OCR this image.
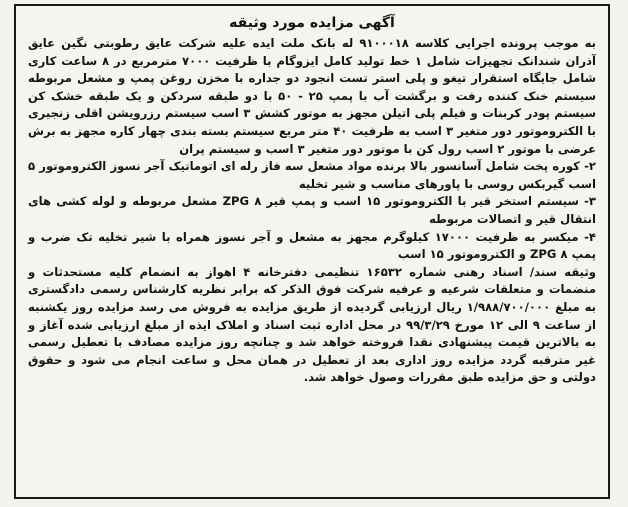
آگهی مزایده مورد وثیقه

به موجب پرونده اجرایی کلاسه ۹۱۰۰۰۱۸ له بانک ملت ایده علیه شرکت عایق رطوبتی نگین عایق آذران شندانک تجهیزات شامل ۱ خط تولید کامل ایزوگام با ظرفیت ۷۰۰۰ مترمربع در ۸ ساعت کاری شامل جایگاه استقرار تیغو و پلی استر تست انجود دو جداره با مخزن روغن پمپ و مشعل مربوطه سیستم خنک کننده رفت و برگشت آب با پمپ ۲۵ - ۵۰ با دو طبقه سردکن و یک طبقه خشک کن سیستم پودر کربنات و فیلم پلی اتیلن مجهز به موتور کشش ۳ اسب سیستم رزرویشن اقلی زنجیری با الکتروموتور دور متغیر ۳ اسب به ظرفیت ۴۰ متر مربع سیستم بسته بندی چهار کاره مجهز به برش عرضی با موتور ۲ اسب رول کن با موتور دور متغیر ۳ اسب و سیستم پران

۲- کوره پخت شامل آسانسور بالا برنده مواد مشعل سه فاز رله ای اتوماتیک آجر نسوز الکتروموتور ۵ اسب گیربکس روسی با پاورهای مناسب و شیر تخلیه

۳- سیستم استخر قیر با الکتروموتور ۱۵ اسب و پمپ قیر ۸ ZPG مشعل مربوطه و لوله کشی های انتقال قیر و اتصالات مربوطه

۴- میکسر به ظرفیت ۱۷۰۰۰ کیلوگرم مجهز به مشعل و آجر نسوز همراه با شیر تخلیه تک ضرب و پمپ ۸ ZPG و الکتروموتور ۱۵ اسب

وثیقه سند/ اسناد رهنی شماره ۱۶۵۳۲ تنظیمی دفترخانه ۴ اهواز به انضمام کلیه مستحدثات و منضمات و متعلقات شرعیه و عرفیه شرکت فوق الذکر که برابر نظریه کارشناس رسمی دادگستری به مبلغ ۱/۹۸۸/۷۰۰/۰۰۰ ریال ارزیابی گردیده از طریق مزایده به فروش می رسد مزایده روز یکشنبه از ساعت ۹ الی ۱۲ مورخ ۹۹/۳/۲۹ در محل اداره ثبت اسناد و املاک ایذه از مبلغ ارزیابی شده آغاز و به بالاترین قیمت پیشنهادی نقدا فروخته خواهد شد و چنانچه روز مزایده مصادف با تعطیل رسمی غیر مترقبه گردد مزایده روز اداری بعد از تعطیل در همان محل و ساعت انجام می شود و حقوق دولتی و حق مزایده طبق مقررات وصول خواهد شد.
